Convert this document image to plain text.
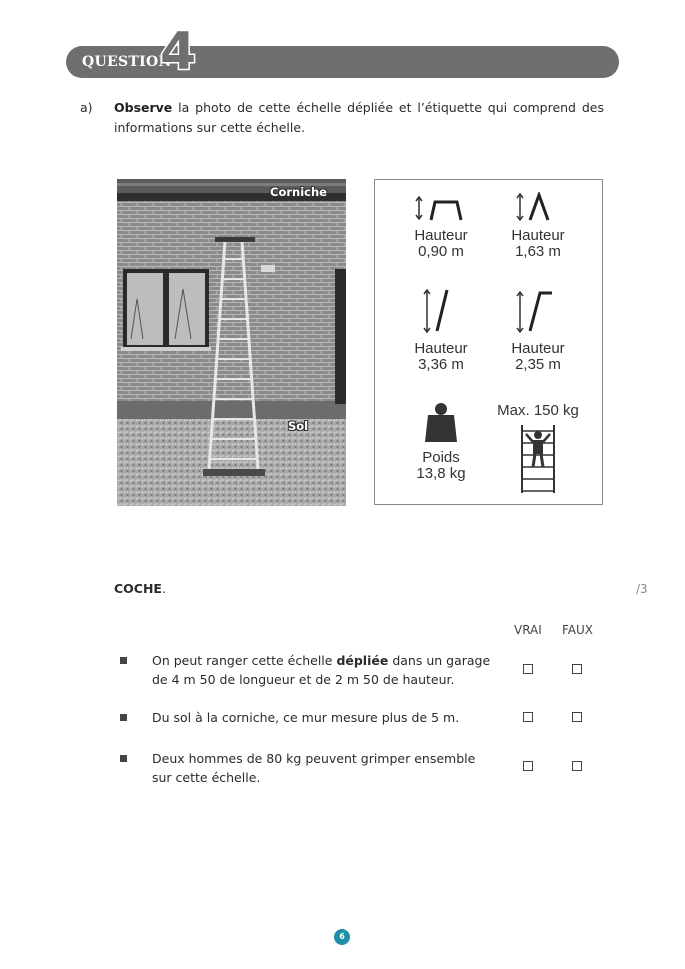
QUESTION
4
a) Observe la photo de cette échelle dépliée et l’étiquette qui comprend des informations sur cette échelle.
Corniche
Sol
Hauteur
0,90 m
Hauteur
1,63 m
Hauteur
3,36 m
Hauteur
2,35 m
Poids
13,8 kg
Max. 150 kg
COCHE.	/3
VRAI FAUX
On peut ranger cette échelle dépliée dans un garage de 4 m 50 de longueur et de 2 m 50 de hauteur.
Du sol à la corniche, ce mur mesure plus de 5 m.
Deux hommes de 80 kg peuvent grimper ensemble sur cette échelle.
6
